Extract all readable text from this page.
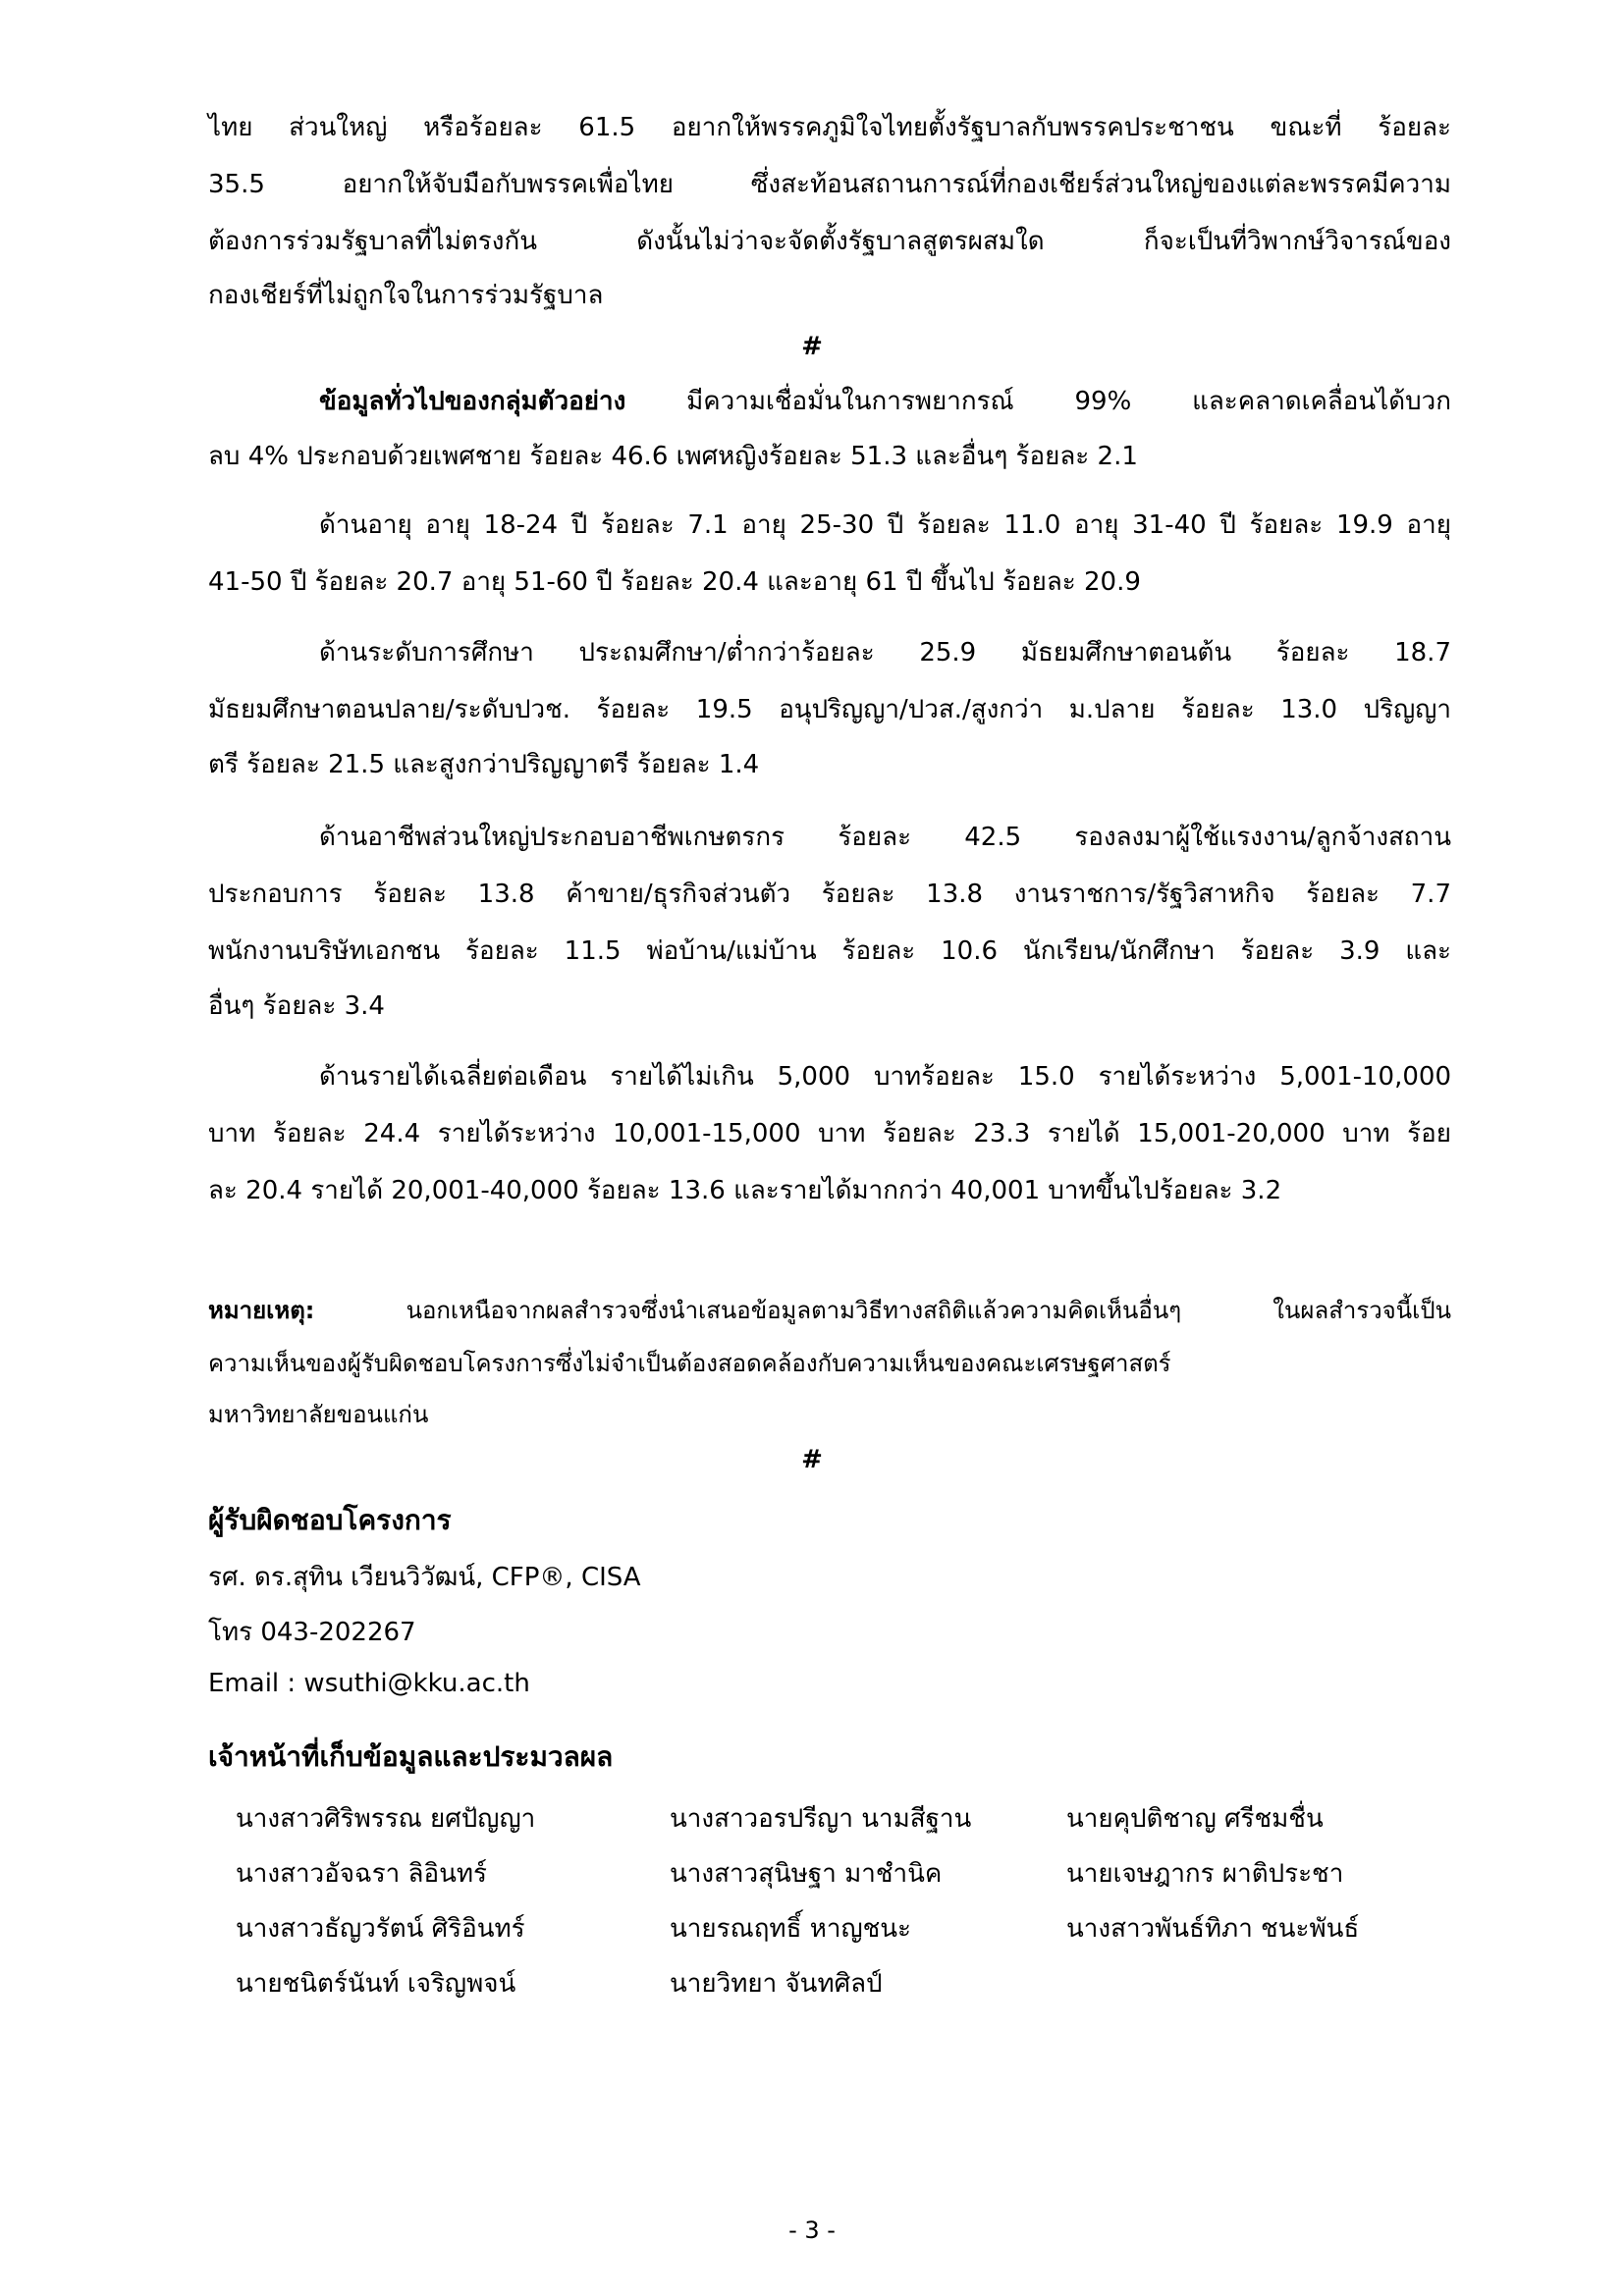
ไทย ส่วนใหญ่ หรือร้อยละ 61.5 อยากให้พรรคภูมิใจไทยตั้งรัฐบาลกับพรรคประชาชน ขณะที่ ร้อยละ
35.5 อยากให้จับมือกับพรรคเพื่อไทย ซึ่งสะท้อนสถานการณ์ที่กองเชียร์ส่วนใหญ่ของแต่ละพรรคมีความ
ต้องการร่วมรัฐบาลที่ไม่ตรงกัน ดังนั้นไม่ว่าจะจัดตั้งรัฐบาลสูตรผสมใด ก็จะเป็นที่วิพากษ์วิจารณ์ของ
กองเชียร์ที่ไม่ถูกใจในการร่วมรัฐบาล
#
ข้อมูลทั่วไปของกลุ่มตัวอย่าง มีความเชื่อมั่นในการพยากรณ์ 99% และคลาดเคลื่อนได้บวก
ลบ 4% ประกอบด้วยเพศชาย ร้อยละ 46.6 เพศหญิงร้อยละ 51.3 และอื่นๆ ร้อยละ 2.1
ด้านอายุ อายุ 18-24 ปี ร้อยละ 7.1 อายุ 25-30 ปี ร้อยละ 11.0 อายุ 31-40 ปี ร้อยละ 19.9 อายุ
41-50 ปี ร้อยละ 20.7 อายุ 51-60 ปี ร้อยละ 20.4 และอายุ 61 ปี ขึ้นไป ร้อยละ 20.9
ด้านระดับการศึกษา ประถมศึกษา/ต่ำกว่าร้อยละ 25.9 มัธยมศึกษาตอนต้น ร้อยละ 18.7
มัธยมศึกษาตอนปลาย/ระดับปวช. ร้อยละ 19.5 อนุปริญญา/ปวส./สูงกว่า ม.ปลาย ร้อยละ 13.0 ปริญญา
ตรี ร้อยละ 21.5 และสูงกว่าปริญญาตรี ร้อยละ 1.4
ด้านอาชีพส่วนใหญ่ประกอบอาชีพเกษตรกร ร้อยละ 42.5 รองลงมาผู้ใช้แรงงาน/ลูกจ้างสถาน
ประกอบการ ร้อยละ 13.8 ค้าขาย/ธุรกิจส่วนตัว ร้อยละ 13.8 งานราชการ/รัฐวิสาหกิจ ร้อยละ 7.7
พนักงานบริษัทเอกชน ร้อยละ 11.5 พ่อบ้าน/แม่บ้าน ร้อยละ 10.6 นักเรียน/นักศึกษา ร้อยละ 3.9 และ
อื่นๆ ร้อยละ 3.4
ด้านรายได้เฉลี่ยต่อเดือน รายได้ไม่เกิน 5,000 บาทร้อยละ 15.0 รายได้ระหว่าง 5,001-10,000
บาท ร้อยละ 24.4 รายได้ระหว่าง 10,001-15,000 บาท ร้อยละ 23.3 รายได้ 15,001-20,000 บาท ร้อย
ละ 20.4 รายได้ 20,001-40,000 ร้อยละ 13.6 และรายได้มากกว่า 40,001 บาทขึ้นไปร้อยละ 3.2
หมายเหตุ: นอกเหนือจากผลสำรวจซึ่งนำเสนอข้อมูลตามวิธีทางสถิติแล้วความคิดเห็นอื่นๆ ในผลสำรวจนี้เป็น
ความเห็นของผู้รับผิดชอบโครงการซึ่งไม่จำเป็นต้องสอดคล้องกับความเห็นของคณะเศรษฐศาสตร์
มหาวิทยาลัยขอนแก่น
#
ผู้รับผิดชอบโครงการ
รศ. ดร.สุทิน เวียนวิวัฒน์, CFP®, CISA
โทร 043-202267
Email : wsuthi@kku.ac.th
เจ้าหน้าที่เก็บข้อมูลและประมวลผล
นางสาวศิริพรรณ ยศปัญญา
นางสาวอัจฉรา ลิอินทร์
นางสาวธัญวรัตน์ ศิริอินทร์
นายชนิตร์นันท์ เจริญพจน์
นางสาวอรปรีญา นามสีฐาน
นางสาวสุนิษฐา มาชำนิค
นายรณฤทธิ์ หาญชนะ
นายวิทยา จันทศิลป์
นายคุปติชาญ ศรีชมชื่น
นายเจษฎากร ผาติประชา
นางสาวพันธ์ทิภา ชนะพันธ์
- 3 -
